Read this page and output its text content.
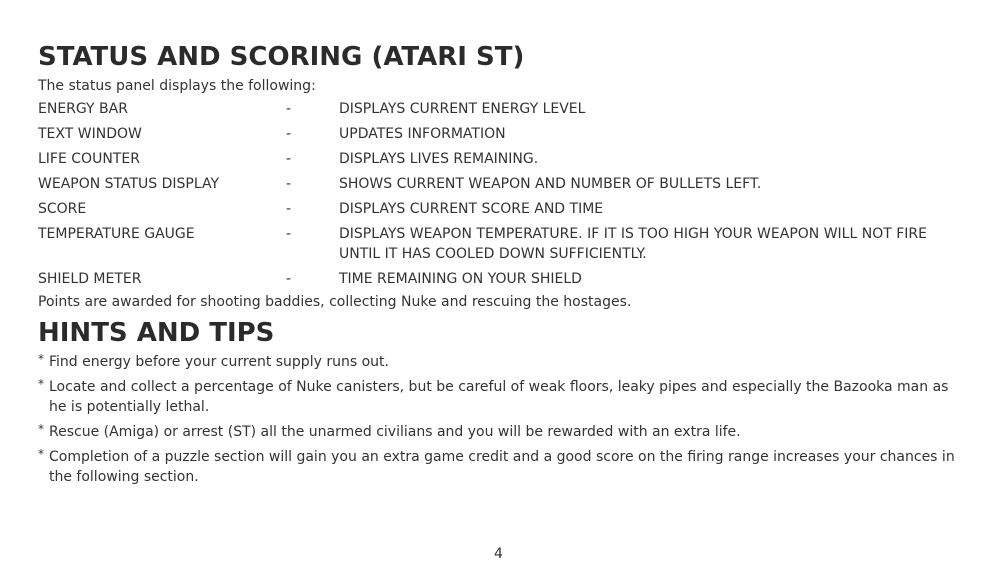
STATUS AND SCORING (ATARI ST)

The status panel displays the following:

ENERGY BAR	-	DISPLAYS CURRENT ENERGY LEVEL
TEXT WINDOW	-	UPDATES INFORMATION
LIFE COUNTER	-	DISPLAYS LIVES REMAINING.
WEAPON STATUS DISPLAY	-	SHOWS CURRENT WEAPON AND NUMBER OF BULLETS LEFT.
SCORE	-	DISPLAYS CURRENT SCORE AND TIME
TEMPERATURE GAUGE	-	DISPLAYS WEAPON TEMPERATURE. IF IT IS TOO HIGH YOUR WEAPON WILL NOT FIRE UNTIL IT HAS COOLED DOWN SUFFICIENTLY.
SHIELD METER	-	TIME REMAINING ON YOUR SHIELD

Points are awarded for shooting baddies, collecting Nuke and rescuing the hostages.

HINTS AND TIPS
* Find energy before your current supply runs out.
* Locate and collect a percentage of Nuke canisters, but be careful of weak floors, leaky pipes and especially the Bazooka man as he is potentially lethal.
* Rescue (Amiga) or arrest (ST) all the unarmed civilians and you will be rewarded with an extra life.
* Completion of a puzzle section will gain you an extra game credit and a good score on the firing range increases your chances in the following section.
4
